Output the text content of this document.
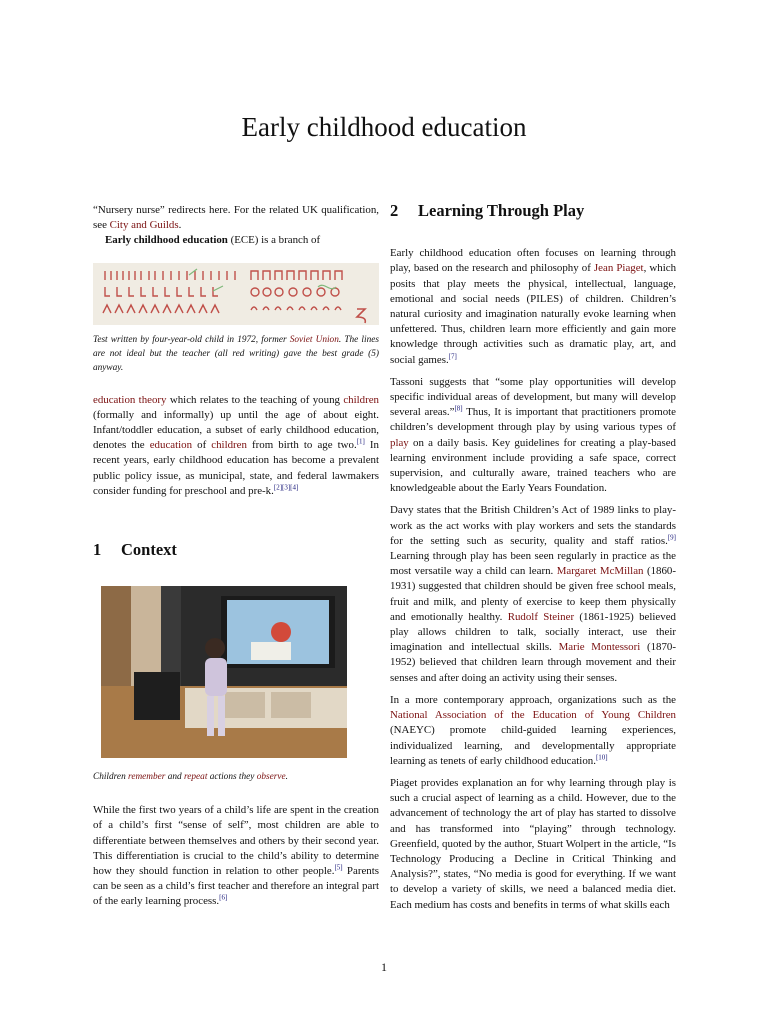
Early childhood education

“Nursery nurse” redirects here. For the related UK qualification, see City and Guilds.

Early childhood education (ECE) is a branch of

Test written by four-year-old child in 1972, former Soviet Union. The lines are not ideal but the teacher (all red writing) gave the best grade (5) anyway.

education theory which relates to the teaching of young children (formally and informally) up until the age of about eight. Infant/toddler education, a subset of early childhood education, denotes the education of children from birth to age two.[1] In recent years, early childhood education has become a prevalent public policy issue, as municipal, state, and federal lawmakers consider funding for preschool and pre-k.[2][3][4]

1 Context

Children remember and repeat actions they observe.

While the first two years of a child’s life are spent in the creation of a child’s first “sense of self”, most children are able to differentiate between themselves and others by their second year. This differentiation is crucial to the child’s ability to determine how they should function in relation to other people.[5] Parents can be seen as a child’s first teacher and therefore an integral part of the early learning process.[6]

2 Learning Through Play

Early childhood education often focuses on learning through play, based on the research and philosophy of Jean Piaget, which posits that play meets the physical, intellectual, language, emotional and social needs (PILES) of children. Children’s natural curiosity and imagination naturally evoke learning when unfettered. Thus, children learn more efficiently and gain more knowledge through activities such as dramatic play, art, and social games.[7]

Tassoni suggests that “some play opportunities will develop specific individual areas of development, but many will develop several areas.”[8] Thus, It is important that practitioners promote children’s development through play by using various types of play on a daily basis. Key guidelines for creating a play-based learning environment include providing a safe space, correct supervision, and culturally aware, trained teachers who are knowledgeable about the Early Years Foundation.

Davy states that the British Children’s Act of 1989 links to play-work as the act works with play workers and sets the standards for the setting such as security, quality and staff ratios.[9] Learning through play has been seen regularly in practice as the most versatile way a child can learn. Margaret McMillan (1860-1931) suggested that children should be given free school meals, fruit and milk, and plenty of exercise to keep them physically and emotionally healthy. Rudolf Steiner (1861-1925) believed play allows children to talk, socially interact, use their imagination and intellectual skills. Marie Montessori (1870-1952) believed that children learn through movement and their senses and after doing an activity using their senses.

In a more contemporary approach, organizations such as the National Association of the Education of Young Children (NAEYC) promote child-guided learning experiences, individualized learning, and developmentally appropriate learning as tenets of early childhood education.[10]

Piaget provides explanation an for why learning through play is such a crucial aspect of learning as a child. However, due to the advancement of technology the art of play has started to dissolve and has transformed into “playing” through technology. Greenfield, quoted by the author, Stuart Wolpert in the article, “Is Technology Producing a Decline in Critical Thinking and Analysis?”, states, “No media is good for everything. If we want to develop a variety of skills, we need a balanced media diet. Each medium has costs and benefits in terms of what skills each

1
